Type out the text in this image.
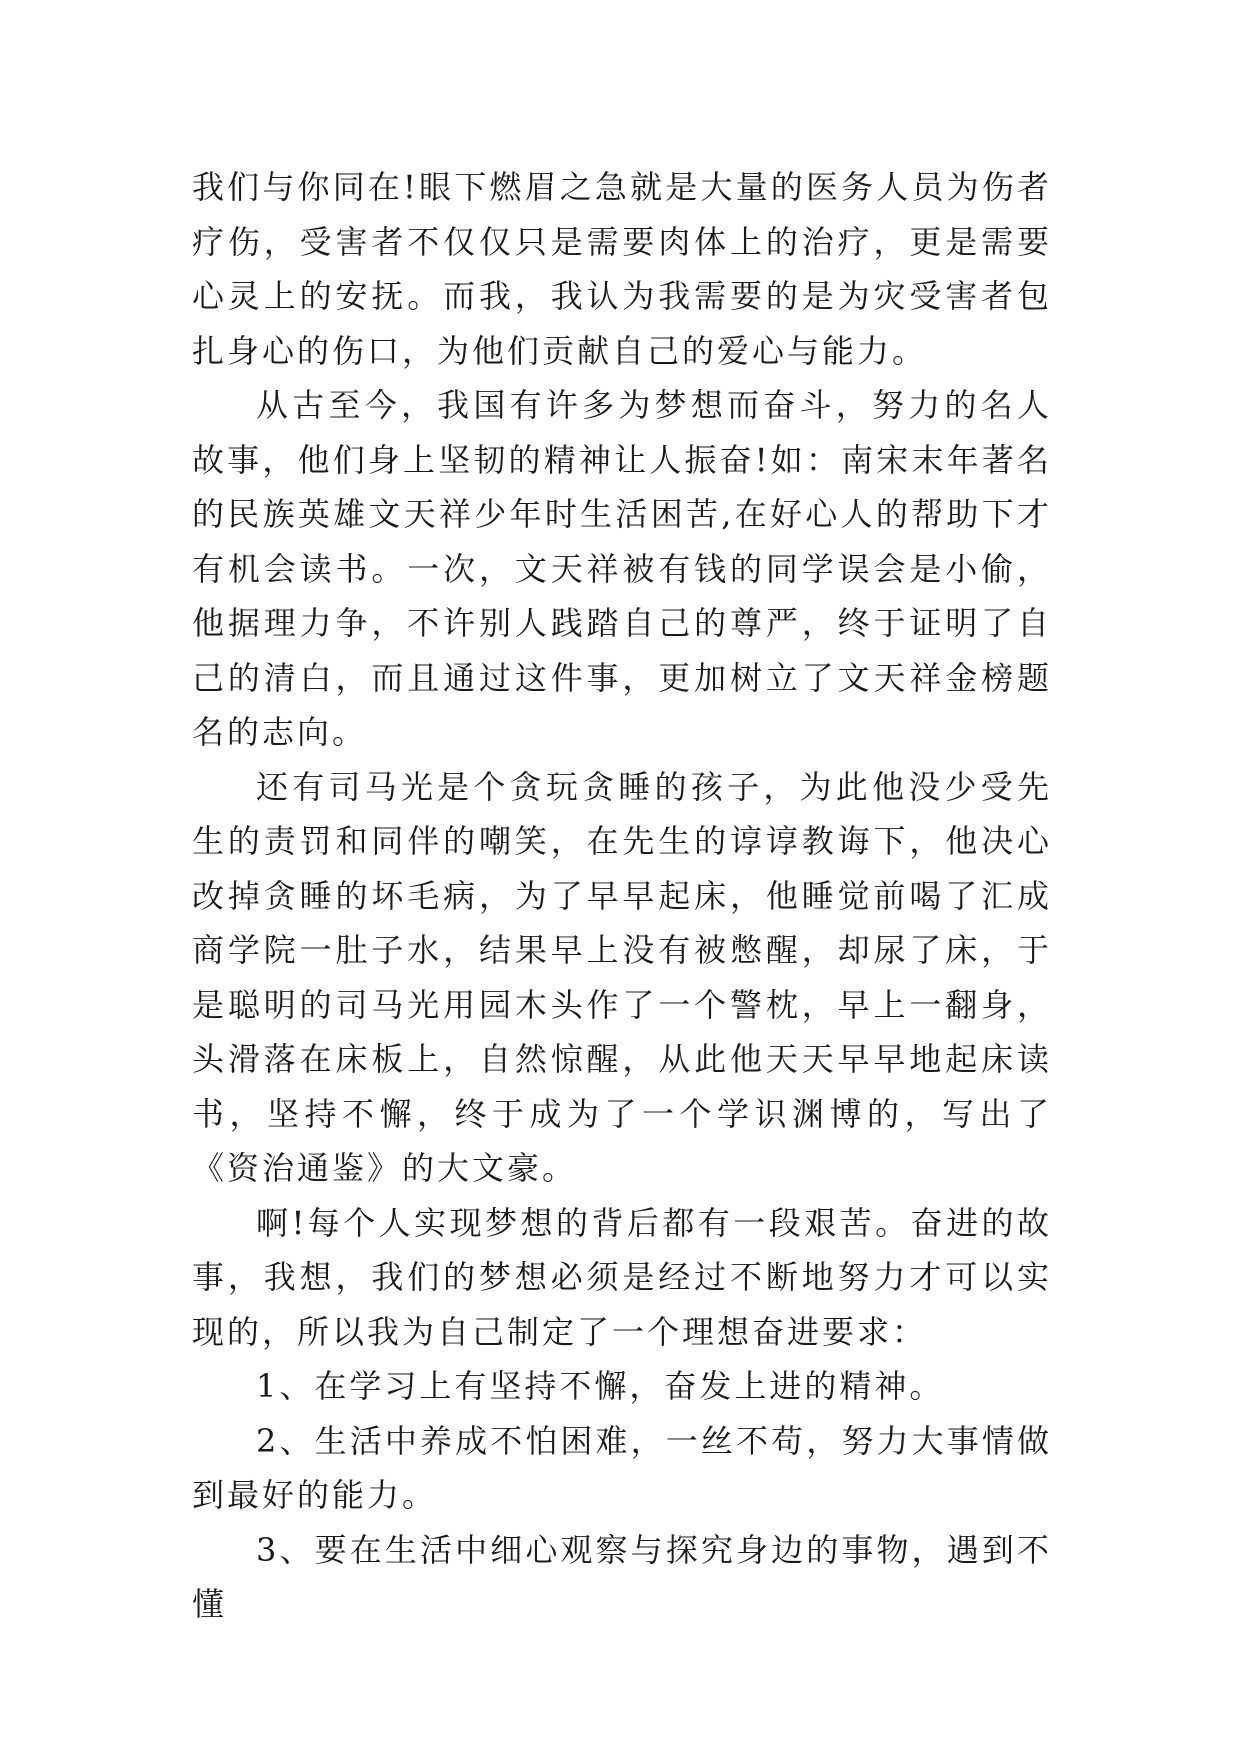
我们与你同在!眼下燃眉之急就是大量的医务人员为伤者疗伤，受害者不仅仅只是需要肉体上的治疗，更是需要心灵上的安抚。而我，我认为我需要的是为灾受害者包扎身心的伤口，为他们贡献自己的爱心与能力。

从古至今，我国有许多为梦想而奋斗，努力的名人故事，他们身上坚韧的精神让人振奋!如：南宋末年著名的民族英雄文天祥少年时生活困苦,在好心人的帮助下才有机会读书。一次，文天祥被有钱的同学误会是小偷，他据理力争，不许别人践踏自己的尊严，终于证明了自己的清白，而且通过这件事，更加树立了文天祥金榜题名的志向。

还有司马光是个贪玩贪睡的孩子，为此他没少受先生的责罚和同伴的嘲笑，在先生的谆谆教诲下，他决心改掉贪睡的坏毛病，为了早早起床，他睡觉前喝了汇成商学院一肚子水，结果早上没有被憋醒，却尿了床，于是聪明的司马光用园木头作了一个警枕，早上一翻身，头滑落在床板上，自然惊醒，从此他天天早早地起床读书，坚持不懈，终于成为了一个学识渊博的，写出了《资治通鉴》的大文豪。

啊!每个人实现梦想的背后都有一段艰苦。奋进的故事，我想，我们的梦想必须是经过不断地努力才可以实现的，所以我为自己制定了一个理想奋进要求：

1、在学习上有坚持不懈，奋发上进的精神。

2、生活中养成不怕困难，一丝不苟，努力大事情做到最好的能力。

3、要在生活中细心观察与探究身边的事物，遇到不懂
